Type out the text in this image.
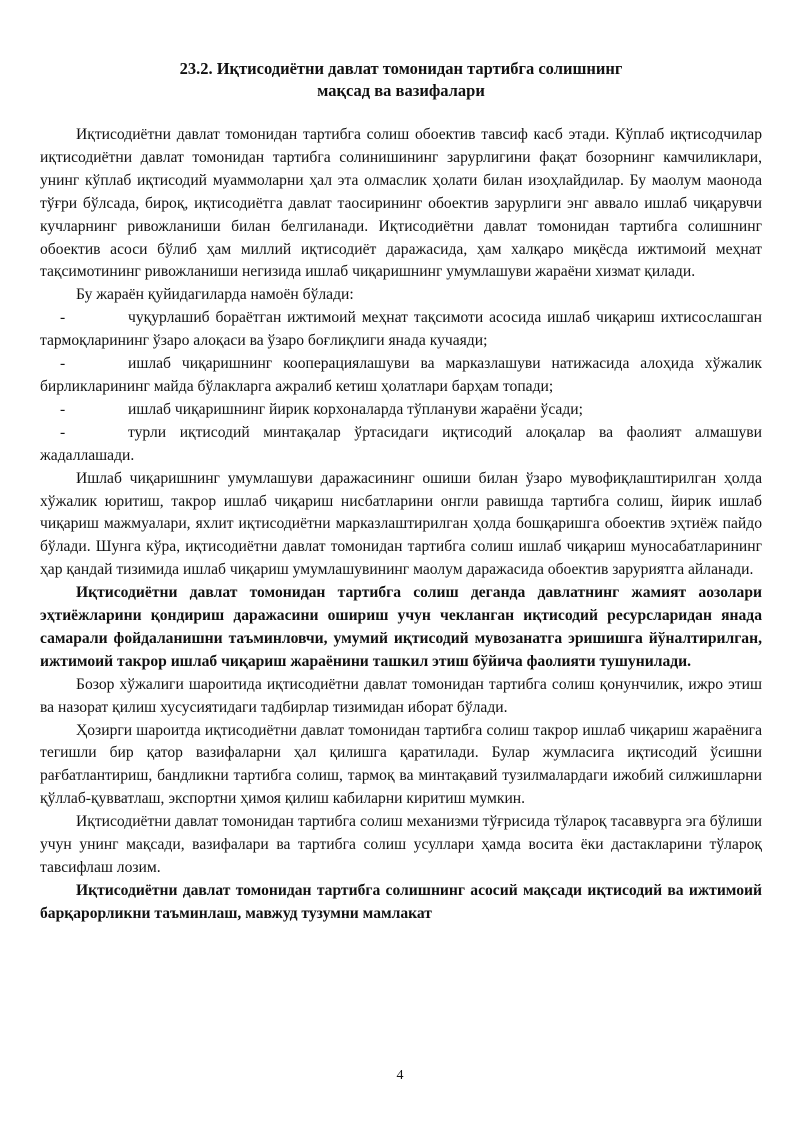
23.2. Иқтисодиётни давлат томонидан тартибга солишнинг
мақсад ва вазифалари

Иқтисодиётни давлат томонидан тартибга солиш обоектив тавсиф касб этади. Кўплаб иқтисодчилар иқтисодиётни давлат томонидан тартибга солинишининг зарурлигини фақат бозорнинг камчиликлари, унинг кўплаб иқтисодий муаммоларни ҳал эта олмаслик ҳолати билан изоҳлайдилар. Бу маолум маонода тўғри бўлсада, бироқ, иқтисодиётга давлат таосирининг обоектив зарурлиги энг аввало ишлаб чиқарувчи кучларнинг ривожланиши билан белгиланади. Иқтисодиётни давлат томонидан тартибга солишнинг обоектив асоси бўлиб ҳам миллий иқтисодиёт даражасида, ҳам халқаро миқёсда ижтимоий меҳнат тақсимотининг ривожланиши негизида ишлаб чиқаришнинг умумлашуви жараёни хизмат қилади.

Бу жараён қуйидагиларда намоён бўлади:

-	чуқурлашиб бораётган ижтимоий меҳнат тақсимоти асосида ишлаб чиқариш ихтисослашган тармоқларининг ўзаро алоқаси ва ўзаро боғлиқлиги янада кучаяди;

-	ишлаб чиқаришнинг кооперациялашуви ва марказлашуви натижасида алоҳида хўжалик бирликларининг майда бўлакларга ажралиб кетиш ҳолатлари барҳам топади;

-	ишлаб чиқаришнинг йирик корхоналарда тўплануви жараёни ўсади;

-	турли иқтисодий минтақалар ўртасидаги иқтисодий алоқалар ва фаолият алмашуви жадаллашади.

Ишлаб чиқаришнинг умумлашуви даражасининг ошиши билан ўзаро мувофиқлаштирилган ҳолда хўжалик юритиш, такрор ишлаб чиқариш нисбатларини онгли равишда тартибга солиш, йирик ишлаб чиқариш мажмуалари, яхлит иқтисодиётни марказлаштирилган ҳолда бошқаришга обоектив эҳтиёж пайдо бўлади. Шунга кўра, иқтисодиётни давлат томонидан тартибга солиш ишлаб чиқариш муносабатларининг ҳар қандай тизимида ишлаб чиқариш умумлашувининг маолум даражасида обоектив заруриятга айланади.

Иқтисодиётни давлат томонидан тартибга солиш деганда давлатнинг жамият аозолари эҳтиёжларини қондириш даражасини ошириш учун чекланган иқтисодий ресурсларидан янада самарали фойдаланишни таъминловчи, умумий иқтисодий мувозанатга эришишга йўналтирилган, ижтимоий такрор ишлаб чиқариш жараёнини ташкил этиш бўйича фаолияти тушунилади.

Бозор хўжалиги шароитида иқтисодиётни давлат томонидан тартибга солиш қонунчилик, ижро этиш ва назорат қилиш хусусиятидаги тадбирлар тизимидан иборат бўлади.

Ҳозирги шароитда иқтисодиётни давлат томонидан тартибга солиш такрор ишлаб чиқариш жараёнига тегишли бир қатор вазифаларни ҳал қилишга қаратилади. Булар жумласига иқтисодий ўсишни рағбатлантириш, бандликни тартибга солиш, тармоқ ва минтақавий тузилмалардаги ижобий силжишларни қўллаб-қувватлаш, экспортни ҳимоя қилиш кабиларни киритиш мумкин.

Иқтисодиётни давлат томонидан тартибга солиш механизми тўғрисида тўлароқ тасаввурга эга бўлиши учун унинг мақсади, вазифалари ва тартибга солиш усуллари ҳамда восита ёки дастакларини тўлароқ тавсифлаш лозим.

Иқтисодиётни давлат томонидан тартибга солишнинг асосий мақсади иқтисодий ва ижтимоий барқарорликни таъминлаш, мавжуд тузумни мамлакат

4
